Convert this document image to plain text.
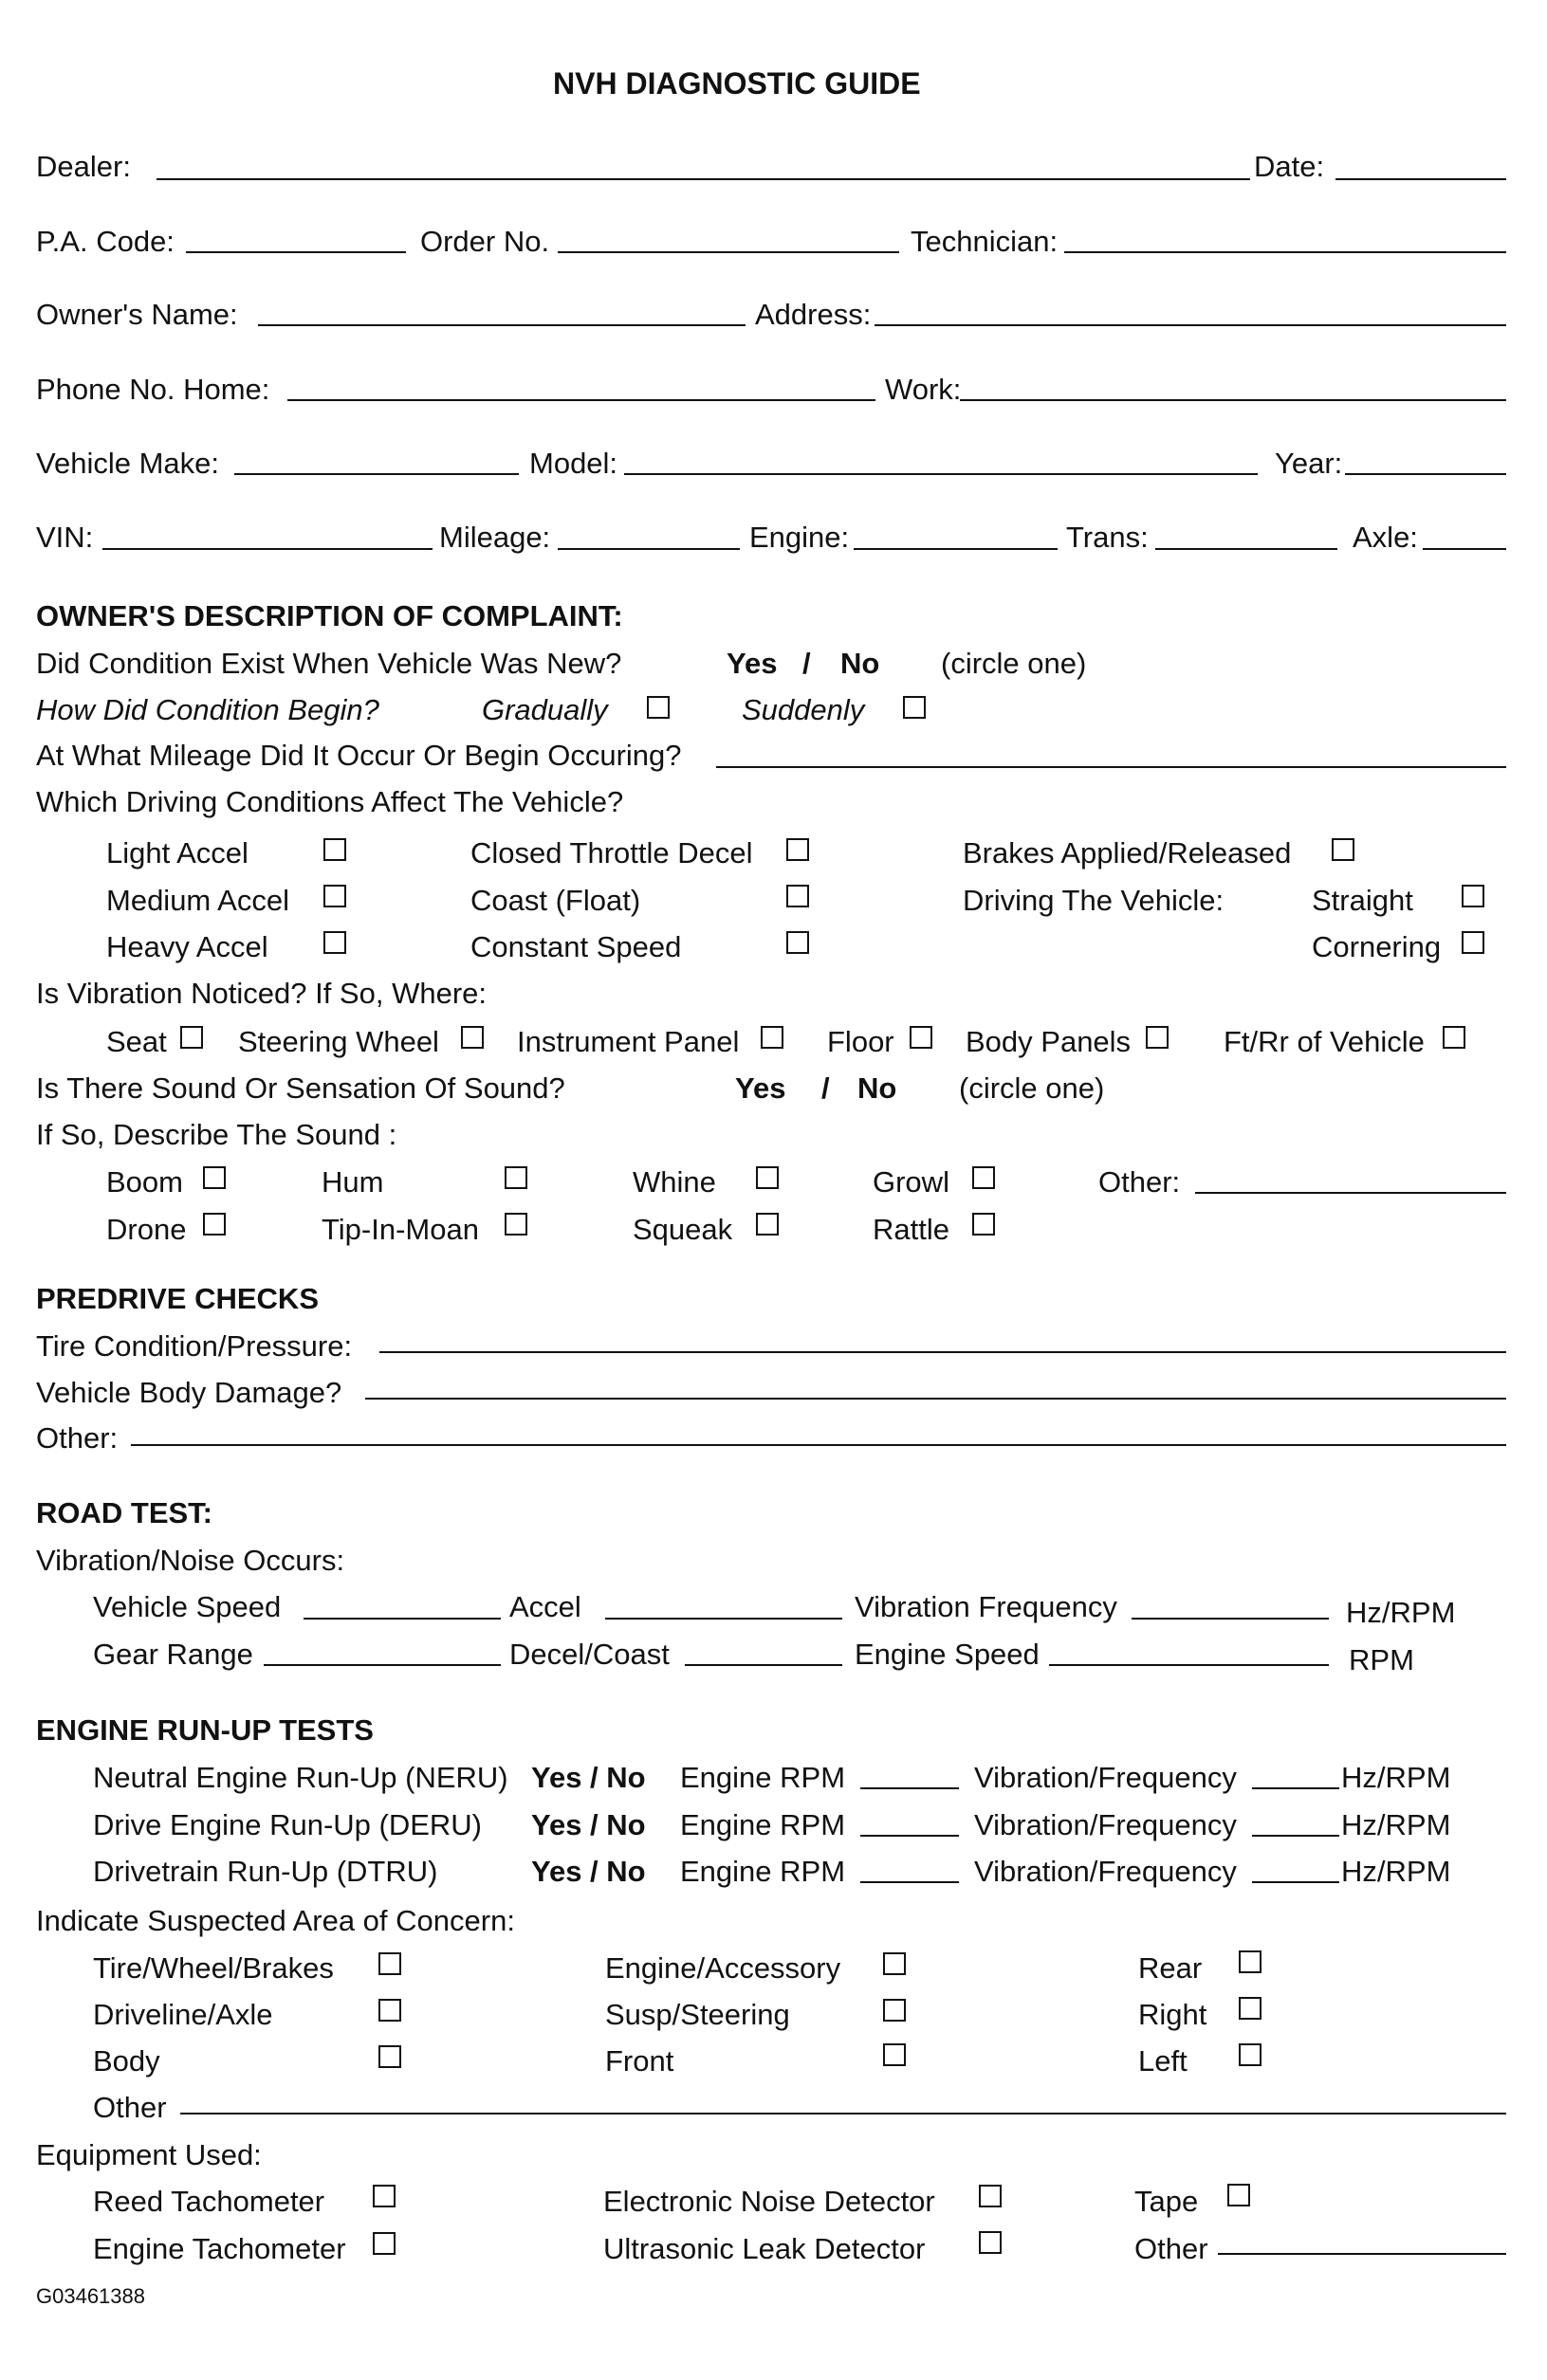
NVH DIAGNOSTIC GUIDE
Dealer:	Date:
P.A. Code:	Order No.	Technician:
Owner's Name:	Address:
Phone No. Home:	Work:
Vehicle Make:	Model:	Year:
VIN:	Mileage:	Engine:	Trans:	Axle:
OWNER'S DESCRIPTION OF COMPLAINT:
Did Condition Exist When Vehicle Was New?	Yes / No (circle one)
How Did Condition Begin?	Gradually	Suddenly
At What Mileage Did It Occur Or Begin Occuring?
Which Driving Conditions Affect The Vehicle?
Light Accel	Closed Throttle Decel	Brakes Applied/Released
Medium Accel	Coast (Float)	Driving The Vehicle:	Straight
Heavy Accel	Constant Speed	Cornering
Is Vibration Noticed? If So, Where:
Seat Steering Wheel	Instrument Panel	Floor Body Panels	Ft/Rr of Vehicle
Is There Sound Or Sensation Of Sound?	Yes / No (circle one)
If So, Describe The Sound :
Boom	Hum	Whine	Growl	Other:
Drone	Tip-In-Moan	Squeak	Rattle
PREDRIVE CHECKS
Tire Condition/Pressure:
Vehicle Body Damage?
Other:
ROAD TEST:
Vibration/Noise Occurs:
Vehicle Speed	Accel	Vibration Frequency	Hz/RPM
Gear Range	Decel/Coast	Engine Speed	RPM
ENGINE RUN-UP TESTS
Neutral Engine Run-Up (NERU) Yes / No Engine RPM	Vibration/Frequency	Hz/RPM
Drive Engine Run-Up (DERU) Yes / No Engine RPM	Vibration/Frequency	Hz/RPM
Drivetrain Run-Up (DTRU)	Yes / No Engine RPM	Vibration/Frequency	Hz/RPM
Indicate Suspected Area of Concern:
Tire/Wheel/Brakes	Engine/Accessory	Rear
Driveline/Axle	Susp/Steering	Right
Body	Front	Left
Other
Equipment Used:
Reed Tachometer	Electronic Noise Detector	Tape
Engine Tachometer	Ultrasonic Leak Detector	Other
G03461388
